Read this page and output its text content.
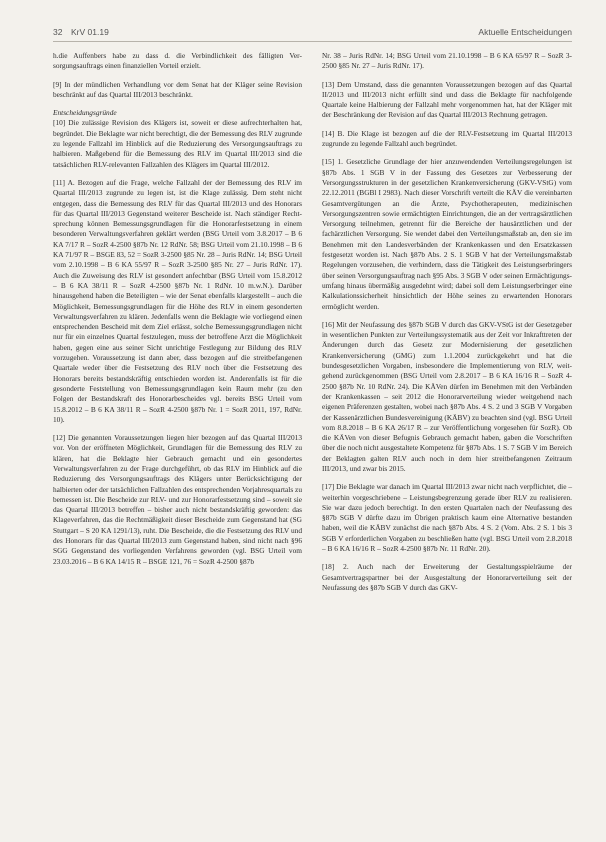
32 KrV 01.19	Aktuelle Entscheidungen

h.die Auffenbers habe zu dass d. die Verbindlichkeit des fälligten Versorgungsauftrags einen finanziellen Vorteil erzielt.

[9] In der mündlichen Verhandlung vor dem Senat hat der Kläger seine Revision beschränkt auf das Quartal III/2013 beschränkt.

Entscheidungsgründe

[10] Die zulässige Revision des Klägers ist, soweit er diese aufrechterhalten hat, begründet. Die Beklagte war nicht berechtigt, die der Bemessung des RLV zugrunde zu legende Fallzahl im Hinblick auf die Reduzierung des Versorgungsauftrags zu halbieren. Maßgebend für die Bemessung des RLV im Quartal III/2013 sind die tatsächlichen RLV-relevanten Fallzahlen des Klägers im Quartal III/2012.

[11] A. Bezogen auf die Frage, welche Fallzahl der der Bemessung des RLV im Quartal III/2013 zugrunde zu legen ist, ist die Klage zulässig. Dem steht nicht entgegen, dass die Bemessung des RLV für das Quartal III/2013 und des Honorars für das Quartal III/2013 Gegenstand weiterer Bescheide ist. Nach ständiger Rechtsprechung können Bemessungsgrundlagen für die Honorarfestsetzung in einem besonderen Verwaltungsverfahren geklärt werden (BSG Urteil vom 3.8.2017 – B 6 KA 7/17 R – SozR 4-2500 §87b Nr. 12 RdNr. 58; BSG Urteil vom 21.10.1998 – B 6 KA 71/97 R – BSGE 83, 52 = SozR 3-2500 §85 Nr. 28 – Juris RdNr. 14; BSG Urteil vom 2.10.1998 – B 6 KA 55/97 R – SozR 3-2500 §85 Nr. 27 – Juris RdNr. 17). Auch die Zuweisung des RLV ist gesondert anfechtbar (BSG Urteil vom 15.8.2012 – B 6 KA 38/11 R – SozR 4-2500 §87b Nr. 1 RdNr. 10 m.w.N.). Darüber hinausgehend haben die Beteiligten – wie der Senat ebenfalls klargestellt – auch die Möglichkeit, Bemessungsgrundlagen für die Höhe des RLV in einem gesonderten Verwaltungsverfahren zu klären. Jedenfalls wenn die Beklagte wie vorliegend einen entsprechenden Bescheid mit dem Ziel erlässt, solche Bemessungsgrundlagen nicht nur für ein einzelnes Quartal festzulegen, muss der betroffene Arzt die Möglichkeit haben, gegen eine aus seiner Sicht unrichtige Festlegung zur Bildung des RLV vorzugehen. Voraussetzung ist dann aber, dass bezogen auf die streitbefangenen Quartale weder über die Festsetzung des RLV noch über die Festsetzung des Honorars bereits bestandskräftig entschieden worden ist. Anderenfalls ist für die gesonderte Feststellung von Bemessungsgrundlagen kein Raum mehr (zu den Folgen der Bestandskraft des Honorarbescheides vgl. bereits BSG Urteil vom 15.8.2012 – B 6 KA 38/11 R – SozR 4-2500 §87b Nr. 1 = SozR 2011, 197, RdNr. 10).

[12] Die genannten Voraussetzungen liegen hier bezogen auf das Quartal III/2013 vor. Von der eröffneten Möglichkeit, Grundlagen für die Bemessung des RLV zu klären, hat die Beklagte hier Gebrauch gemacht und ein gesondertes Verwaltungsverfahren zu der Frage durchgeführt, ob das RLV im Hinblick auf die Reduzierung des Versorgungsauftrags des Klägers unter Berücksichtigung der halbierten oder der tatsächlichen Fallzahlen des entsprechenden Vorjahresquartals zu bemessen ist. Die Bescheide zur RLV- und zur Honorarfestsetzung sind – soweit sie das Quartal III/2013 betreffen – bisher auch nicht bestandskräftig geworden: das Klageverfahren, das die Rechtmäßigkeit dieser Bescheide zum Gegenstand hat (SG Stuttgart – S 20 KA 1291/13), ruht. Die Bescheide, die die Festsetzung des RLV und des Honorars für das Quartal III/2013 zum Gegenstand haben, sind nicht nach §96 SGG Gegenstand des vorliegenden Verfahrens geworden (vgl. BSG Urteil vom 23.03.2016 – B 6 KA 14/15 R – BSGE 121, 76 = SozR 4-2500 §87b

Nr. 38 – Juris RdNr. 14; BSG Urteil vom 21.10.1998 – B 6 KA 65/97 R – SozR 3-2500 §85 Nr. 27 – Juris RdNr. 17).

[13] Dem Umstand, dass die genannten Voraussetzungen bezogen auf das Quartal II/2013 und III/2013 nicht erfüllt sind und dass die Beklagte für nachfolgende Quartale keine Halbierung der Fallzahl mehr vorgenommen hat, hat der Kläger mit der Beschränkung der Revision auf das Quartal III/2013 Rechnung getragen.

[14] B. Die Klage ist bezogen auf die der RLV-Festsetzung im Quartal III/2013 zugrunde zu legende Fallzahl auch begründet.

[15] 1. Gesetzliche Grundlage der hier anzuwendenden Verteilungsregelungen ist §87b Abs. 1 SGB V in der Fassung des Gesetzes zur Verbesserung der Versorgungsstrukturen in der gesetzlichen Krankenversicherung (GKV-VStG) vom 22.12.2011 (BGBl I 2983). Nach dieser Vorschrift verteilt die KÄV die vereinbarten Gesamtvergütungen an die Ärzte, Psychotherapeuten, medizinischen Versorgungszentren sowie ermächtigten Einrichtungen, die an der vertragsärztlichen Versorgung teilnehmen, getrennt für die Bereiche der hausärztlichen und der fachärztlichen Versorgung. Sie wendet dabei den Verteilungsmaßstab an, den sie im Benehmen mit den Landesverbänden der Krankenkassen und den Ersatzkassen festgesetzt worden ist. Nach §87b Abs. 2 S. 1 SGB V hat der Verteilungsmaßstab Regelungen vorzusehen, die verhindern, dass die Tätigkeit des Leistungserbringers über seinen Versorgungsauftrag nach §95 Abs. 3 SGB V oder seinen Ermächtigungsumfang hinaus übermäßig ausgedehnt wird; dabei soll dem Leistungserbringer eine Kalkulationssicherheit hinsichtlich der Höhe seines zu erwartenden Honorars ermöglicht werden.

[16] Mit der Neufassung des §87b SGB V durch das GKV-VStG ist der Gesetzgeber in wesentlichen Punkten zur Verteilungssystematik aus der Zeit vor Inkrafttreten der Änderungen durch das Gesetz zur Modernisierung der gesetzlichen Krankenversicherung (GMG) zum 1.1.2004 zurückgekehrt und hat die bundesgesetzlichen Vorgaben, insbesondere die Implementierung von RLV, weitgehend zurückgenommen (BSG Urteil vom 2.8.2017 – B 6 KA 16/16 R – SozR 4-2500 §87b Nr. 10 RdNr. 24). Die KÄVen dürfen im Benehmen mit den Verbänden der Krankenkassen – seit 2012 die Honorarverteilung wieder weitgehend nach eigenen Präferenzen gestalten, wobei nach §87b Abs. 4 S. 2 und 3 SGB V Vorgaben der Kassenärztlichen Bundesvereinigung (KÄBV) zu beachten sind (vgl. BSG Urteil vom 8.8.2018 – B 6 KA 26/17 R – zur Veröffentlichung vorgesehen für SozR). Ob die KÄVen von dieser Befugnis Gebrauch gemacht haben, gaben die Vorschriften über die noch nicht ausgestaltete Kompetenz für §87b Abs. 1 S. 7 SGB V im Bereich der Beklagten galten RLV auch noch in dem hier streitbefangenen Zeitraum III/2013, und zwar bis 2015.

[17] Die Beklagte war danach im Quartal III/2013 zwar nicht nach verpflichtet, die – weiterhin vorgeschriebene – Leistungsbegrenzung gerade über RLV zu realisieren. Sie war dazu jedoch berechtigt. In den ersten Quartalen nach der Neufassung des §87b SGB V dürfte dazu im Übrigen praktisch kaum eine Alternative bestanden haben, weil die KÄBV zunächst die nach §87b Abs. 4 S. 2 (Vom. Abs. 2 S. 1 bis 3 SGB V erforderlichen Vorgaben zu beschließen hatte (vgl. BSG Urteil vom 2.8.2018 – B 6 KA 16/16 R – SozR 4-2500 §87b Nr. 11 RdNr. 20).

[18] 2. Auch nach der Erweiterung der Gestaltungsspielräume der Gesamtvertragspartner bei der Ausgestaltung der Honorarverteilung seit der Neufassung des §87b SGB V durch das GKV-
